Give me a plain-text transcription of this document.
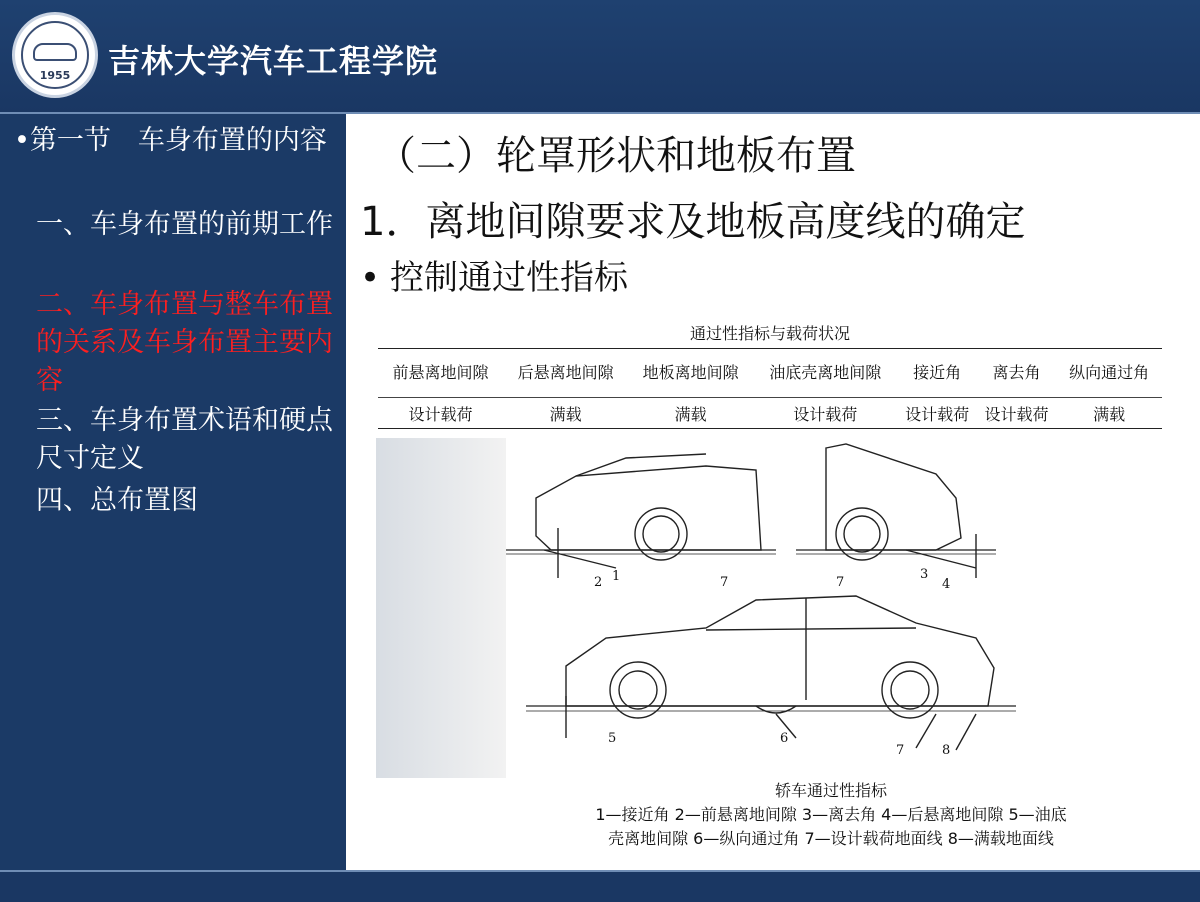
1955	吉林大学汽车工程学院
•第一节　车身布置的内容
一、车身布置的前期工作
二、车身布置与整车布置的关系及车身布置主要内容
三、车身布置术语和硬点尺寸定义
四、总布置图
（二）轮罩形状和地板布置
1．离地间隙要求及地板高度线的确定
• 控制通过性指标
通过性指标与载荷状况
前悬离地间隙	后悬离地间隙	地板离地间隙	油底壳离地间隙	接近角	离去角	纵向通过角
设计载荷	满载	满载	设计载荷	设计载荷	设计载荷	满载
1
2	7	7
3
4
5	6
7	8
轿车通过性指标
1—接近角 2—前悬离地间隙 3—离去角 4—后悬离地间隙 5—油底
壳离地间隙 6—纵向通过角 7—设计载荷地面线 8—满载地面线
